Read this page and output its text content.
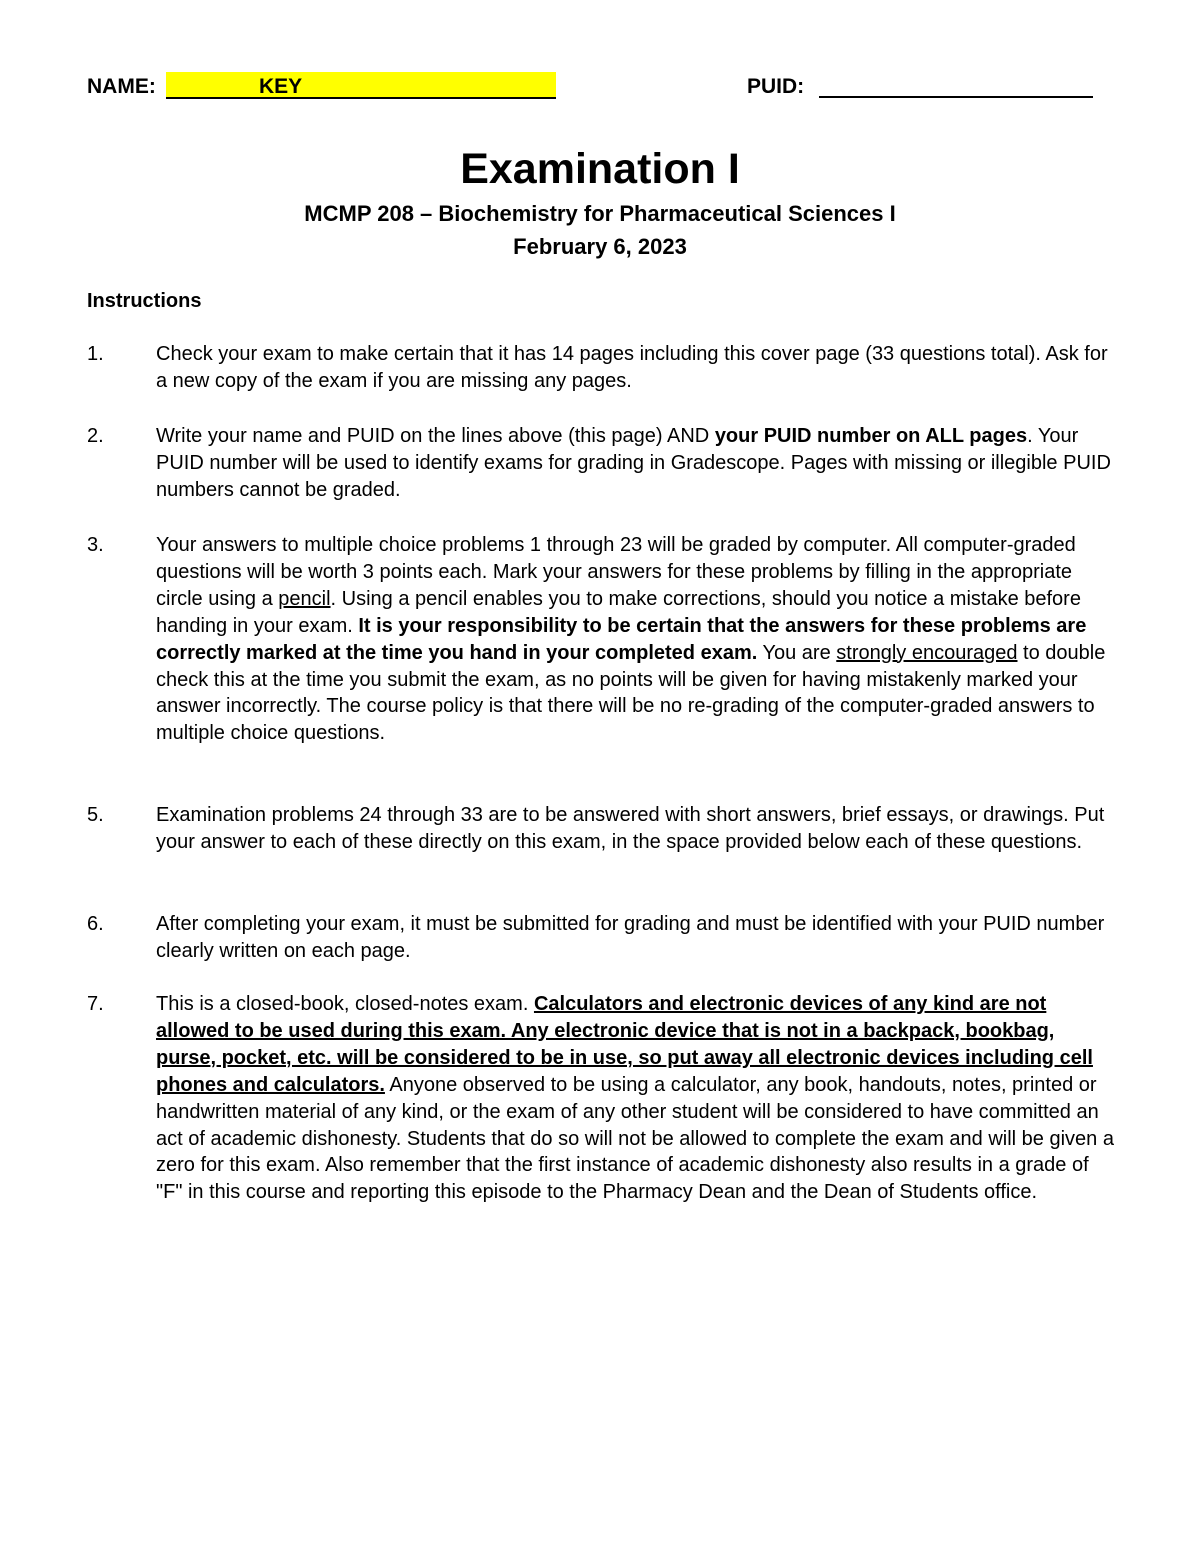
NAME:	KEY	PUID:
Examination I
MCMP 208 – Biochemistry for Pharmaceutical Sciences I
February 6, 2023
Instructions
1.	Check your exam to make certain that it has 14 pages including this cover page (33 questions total). Ask for a new copy of the exam if you are missing any pages.
2.	Write your name and PUID on the lines above (this page) AND your PUID number on ALL pages. Your PUID number will be used to identify exams for grading in Gradescope. Pages with missing or illegible PUID numbers cannot be graded.
3.	Your answers to multiple choice problems 1 through 23 will be graded by computer. All computer-graded questions will be worth 3 points each. Mark your answers for these problems by filling in the appropriate circle using a pencil. Using a pencil enables you to make corrections, should you notice a mistake before handing in your exam. It is your responsibility to be certain that the answers for these problems are correctly marked at the time you hand in your completed exam. You are strongly encouraged to double check this at the time you submit the exam, as no points will be given for having mistakenly marked your answer incorrectly. The course policy is that there will be no re-grading of the computer-graded answers to multiple choice questions.
5.	Examination problems 24 through 33 are to be answered with short answers, brief essays, or drawings. Put your answer to each of these directly on this exam, in the space provided below each of these questions.
6.	After completing your exam, it must be submitted for grading and must be identified with your PUID number clearly written on each page.
7.	This is a closed-book, closed-notes exam. Calculators and electronic devices of any kind are not allowed to be used during this exam. Any electronic device that is not in a backpack, bookbag, purse, pocket, etc. will be considered to be in use, so put away all electronic devices including cell phones and calculators. Anyone observed to be using a calculator, any book, handouts, notes, printed or handwritten material of any kind, or the exam of any other student will be considered to have committed an act of academic dishonesty. Students that do so will not be allowed to complete the exam and will be given a zero for this exam. Also remember that the first instance of academic dishonesty also results in a grade of "F" in this course and reporting this episode to the Pharmacy Dean and the Dean of Students office.
